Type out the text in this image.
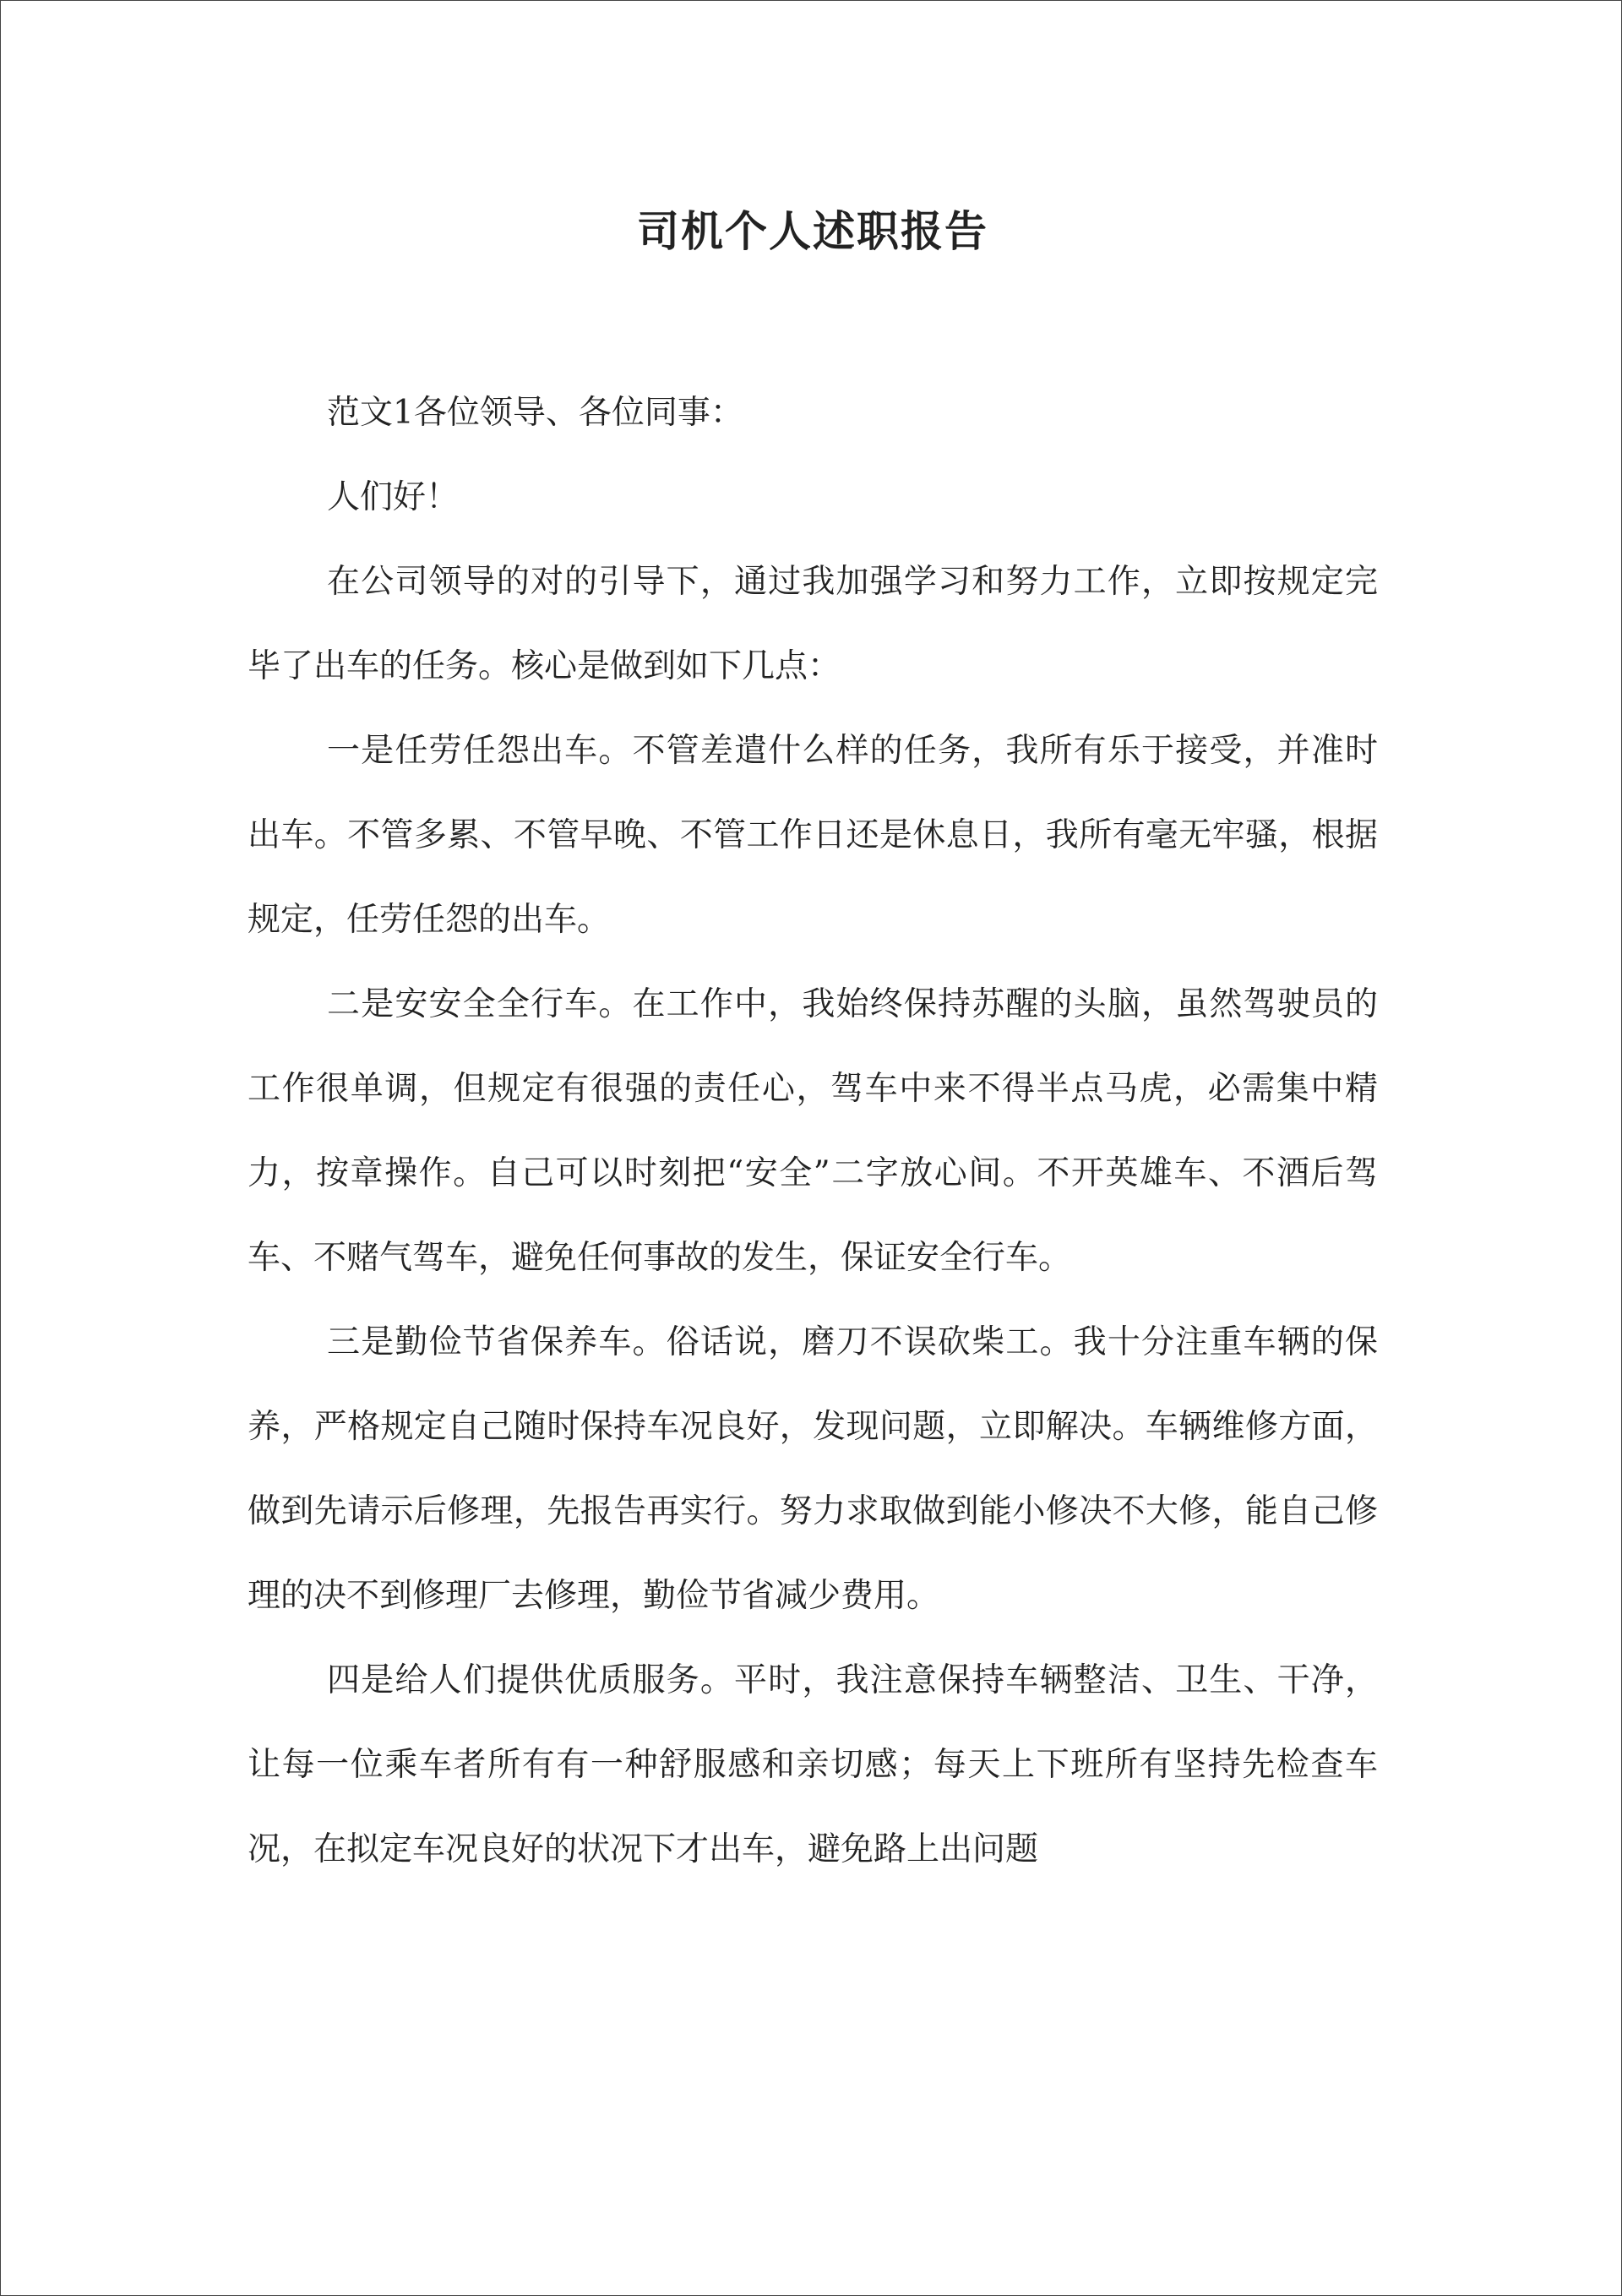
司机个人述职报告

范文1各位领导、各位同事：

人们好！

在公司领导的对的引导下，通过我加强学习和努力工作，立即按规定完毕了出车的任务。核心是做到如下几点：

一是任劳任怨出车。不管差遣什么样的任务，我所有乐于接受，并准时出车。不管多累、不管早晚、不管工作日还是休息日，我所有毫无牢骚，根据规定，任劳任怨的出车。

二是安安全全行车。在工作中，我始终保持苏醒的头脑，虽然驾驶员的工作很单调，但规定有很强的责任心，驾车中来不得半点马虎，必需集中精力，按章操作。自己可以时刻把“安全”二字放心间。不开英雄车、不酒后驾车、不赌气驾车，避免任何事故的发生，保证安全行车。

三是勤俭节省保养车。俗话说，磨刀不误砍柴工。我十分注重车辆的保养，严格规定自己随时保持车况良好，发现问题，立即解决。车辆维修方面，做到先请示后修理，先报告再实行。努力求取做到能小修决不大修，能自己修理的决不到修理厂去修理，勤俭节省减少费用。

四是给人们提供优质服务。平时，我注意保持车辆整洁、卫生、干净，让每一位乘车者所有有一种舒服感和亲切感；每天上下班所有坚持先检查车况，在拟定车况良好的状况下才出车，避免路上出问题
